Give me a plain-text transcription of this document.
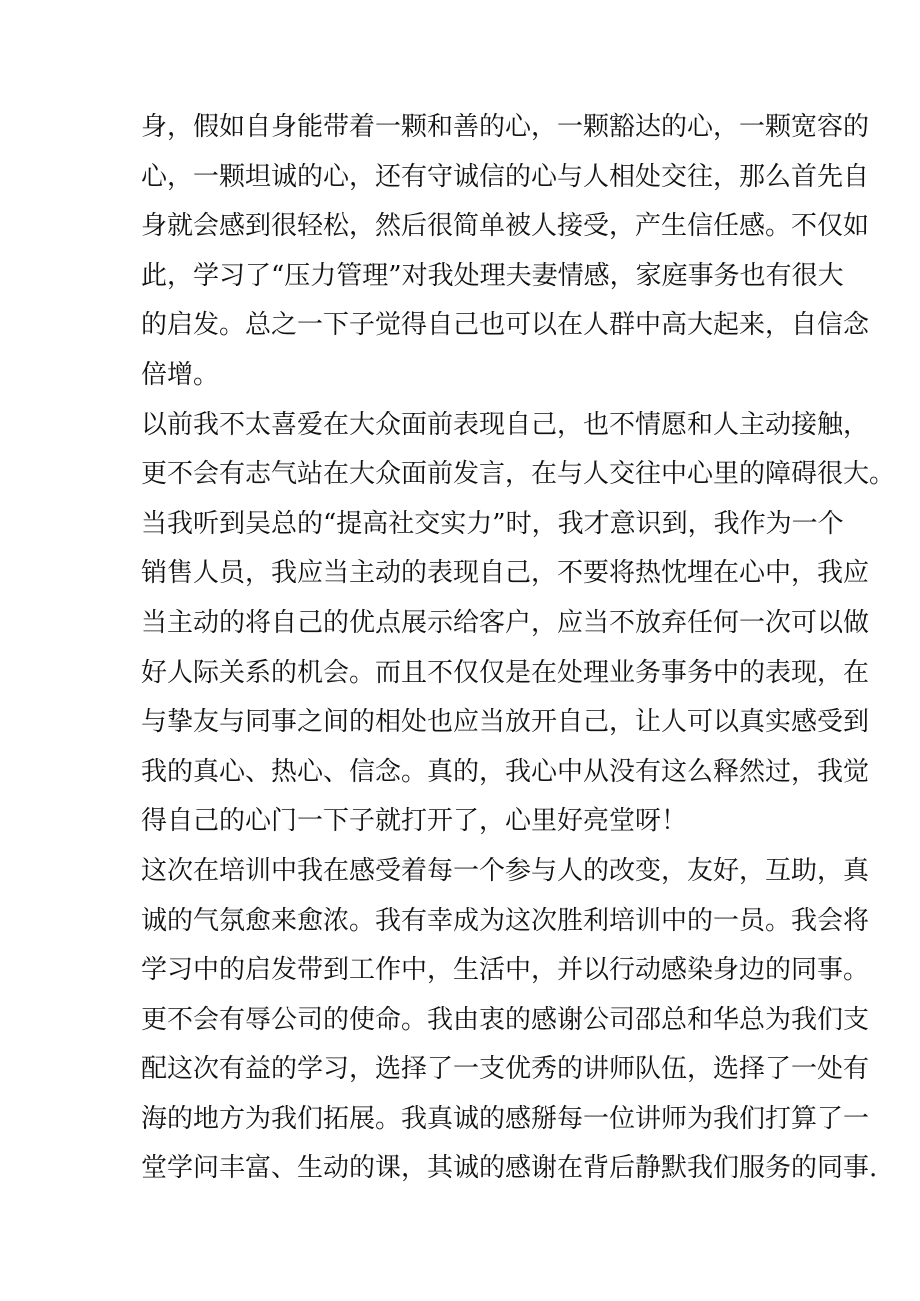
身，假如自身能带着一颗和善的心，一颗豁达的心，一颗宽容的
心，一颗坦诚的心，还有守诚信的心与人相处交往，那么首先自
身就会感到很轻松，然后很简单被人接受，产生信任感。不仅如
此，学习了“压力管理”对我处理夫妻情感，家庭事务也有很大
的启发。总之一下子觉得自己也可以在人群中高大起来，自信念
倍增。
以前我不太喜爱在大众面前表现自己，也不情愿和人主动接触，
更不会有志气站在大众面前发言，在与人交往中心里的障碍很大。
当我听到吴总的“提高社交实力”时，我才意识到，我作为一个
销售人员，我应当主动的表现自己，不要将热忱埋在心中，我应
当主动的将自己的优点展示给客户，应当不放弃任何一次可以做
好人际关系的机会。而且不仅仅是在处理业务事务中的表现，在
与挚友与同事之间的相处也应当放开自己，让人可以真实感受到
我的真心、热心、信念。真的，我心中从没有这么释然过，我觉
得自己的心门一下子就打开了，心里好亮堂呀！
这次在培训中我在感受着每一个参与人的改变，友好，互助，真
诚的气氛愈来愈浓。我有幸成为这次胜利培训中的一员。我会将
学习中的启发带到工作中，生活中，并以行动感染身边的同事。
更不会有辱公司的使命。我由衷的感谢公司邵总和华总为我们支
配这次有益的学习，选择了一支优秀的讲师队伍，选择了一处有
海的地方为我们拓展。我真诚的感掰每一位讲师为我们打算了一
堂学问丰富、生动的课，其诚的感谢在背后静默我们服务的同事.
